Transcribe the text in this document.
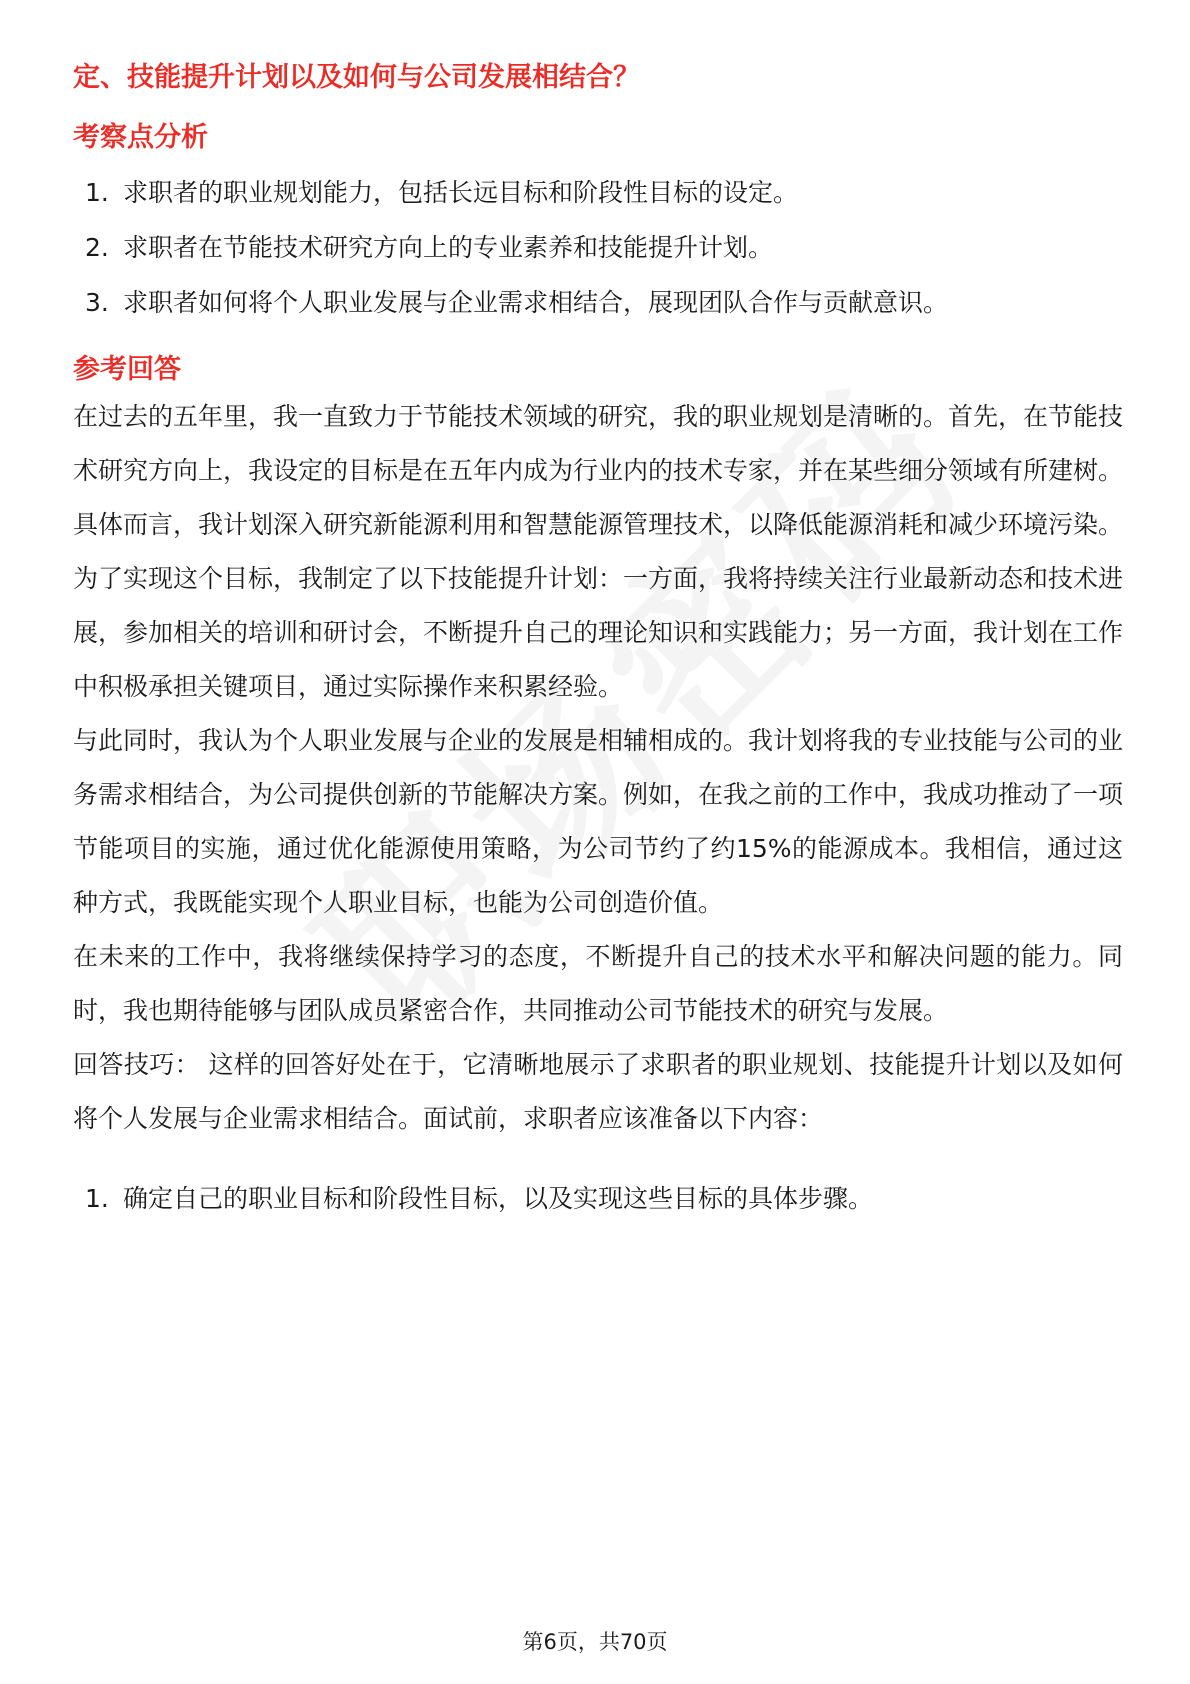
定、技能提升计划以及如何与公司发展相结合？
考察点分析
1. 求职者的职业规划能力，包括长远目标和阶段性目标的设定。
2. 求职者在节能技术研究方向上的专业素养和技能提升计划。
3. 求职者如何将个人职业发展与企业需求相结合，展现团队合作与贡献意识。
参考回答

在过去的五年里，我一直致力于节能技术领域的研究，我的职业规划是清晰的。首先，在节能技术研究方向上，我设定的目标是在五年内成为行业内的技术专家，并在某些细分领域有所建树。具体而言，我计划深入研究新能源利用和智慧能源管理技术，以降低能源消耗和减少环境污染。

为了实现这个目标，我制定了以下技能提升计划：一方面，我将持续关注行业最新动态和技术进展，参加相关的培训和研讨会，不断提升自己的理论知识和实践能力；另一方面，我计划在工作中积极承担关键项目，通过实际操作来积累经验。

与此同时，我认为个人职业发展与企业的发展是相辅相成的。我计划将我的专业技能与公司的业务需求相结合，为公司提供创新的节能解决方案。例如，在我之前的工作中，我成功推动了一项节能项目的实施，通过优化能源使用策略，为公司节约了约15%的能源成本。我相信，通过这种方式，我既能实现个人职业目标，也能为公司创造价值。

在未来的工作中，我将继续保持学习的态度，不断提升自己的技术水平和解决问题的能力。同时，我也期待能够与团队成员紧密合作，共同推动公司节能技术的研究与发展。

回答技巧： 这样的回答好处在于，它清晰地展示了求职者的职业规划、技能提升计划以及如何将个人发展与企业需求相结合。面试前，求职者应该准备以下内容：

1. 确定自己的职业目标和阶段性目标，以及实现这些目标的具体步骤。
第6页，共70页
